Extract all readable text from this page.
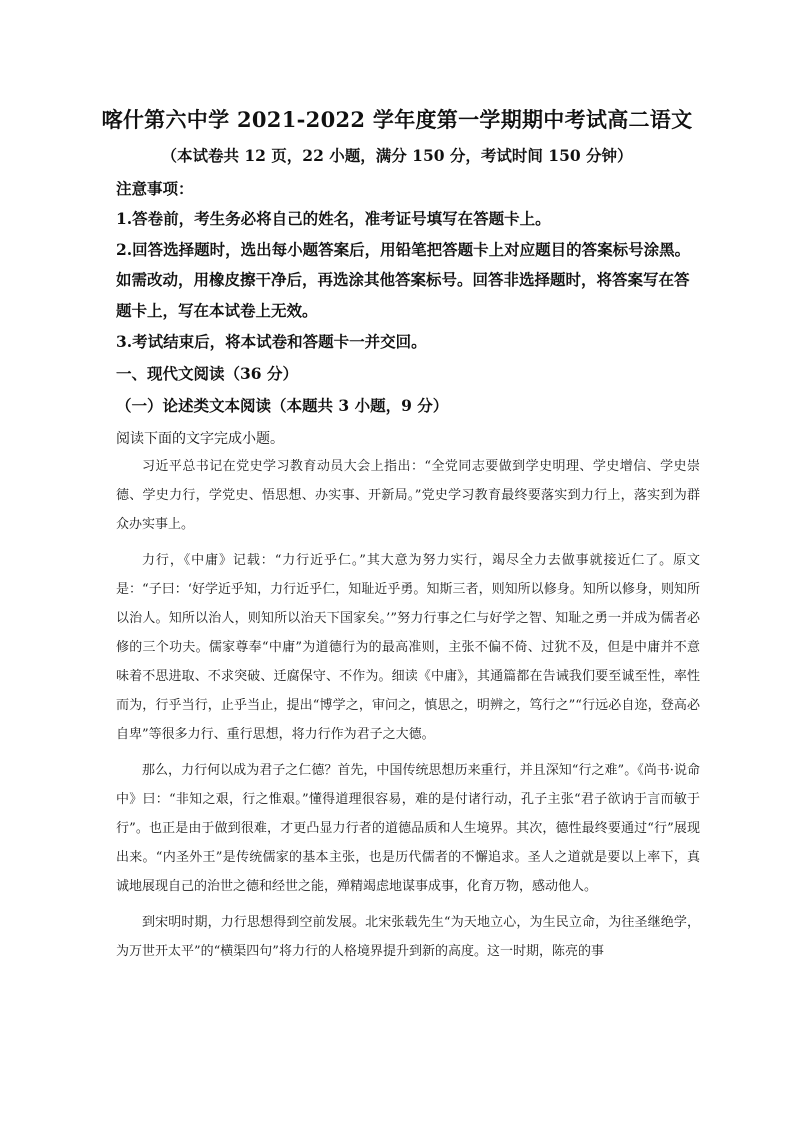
喀什第六中学 2021-2022 学年度第一学期期中考试高二语文
（本试卷共 12 页，22 小题，满分 150 分，考试时间 150 分钟）
注意事项：
1.答卷前，考生务必将自己的姓名，准考证号填写在答题卡上。
2.回答选择题时，选出每小题答案后，用铅笔把答题卡上对应题目的答案标号涂黑。
如需改动，用橡皮擦干净后，再选涂其他答案标号。回答非选择题时，将答案写在答
题卡上，写在本试卷上无效。
3.考试结束后，将本试卷和答题卡一并交回。
一、现代文阅读（36 分）
（一）论述类文本阅读（本题共 3 小题，9 分）
阅读下面的文字完成小题。

习近平总书记在党史学习教育动员大会上指出：“全党同志要做到学史明理、学史增信、学史崇德、学史力行，学党史、悟思想、办实事、开新局。”党史学习教育最终要落实到力行上，落实到为群众办实事上。

力行，《中庸》记载：“力行近乎仁。”其大意为努力实行，竭尽全力去做事就接近仁了。原文是：“子曰：‘好学近乎知，力行近乎仁，知耻近乎勇。知斯三者，则知所以修身。知所以修身，则知所以治人。知所以治人，则知所以治天下国家矣。’”努力行事之仁与好学之智、知耻之勇一并成为儒者必修的三个功夫。儒家尊奉“中庸”为道德行为的最高准则，主张不偏不倚、过犹不及，但是中庸并不意味着不思进取、不求突破、迁腐保守、不作为。细读《中庸》，其通篇都在告诫我们要至诚至性，率性而为，行乎当行，止乎当止，提出“博学之，审问之，慎思之，明辨之，笃行之”“行远必自迩，登高必自卑”等很多力行、重行思想，将力行作为君子之大德。

那么，力行何以成为君子之仁德？首先，中国传统思想历来重行，并且深知“行之难”。《尚书·说命中》曰：“非知之艰，行之惟艰。”懂得道理很容易，难的是付诸行动，孔子主张“君子欲讷于言而敏于行”。也正是由于做到很难，才更凸显力行者的道德品质和人生境界。其次，德性最终要通过“行”展现出来。“内圣外王”是传统儒家的基本主张，也是历代儒者的不懈追求。圣人之道就是要以上率下，真诚地展现自己的治世之德和经世之能，殚精竭虑地谋事成事，化育万物，感动他人。

到宋明时期，力行思想得到空前发展。北宋张载先生“为天地立心，为生民立命，为往圣继绝学，为万世开太平”的“横渠四句”将力行的人格境界提升到新的高度。这一时期，陈亮的事
